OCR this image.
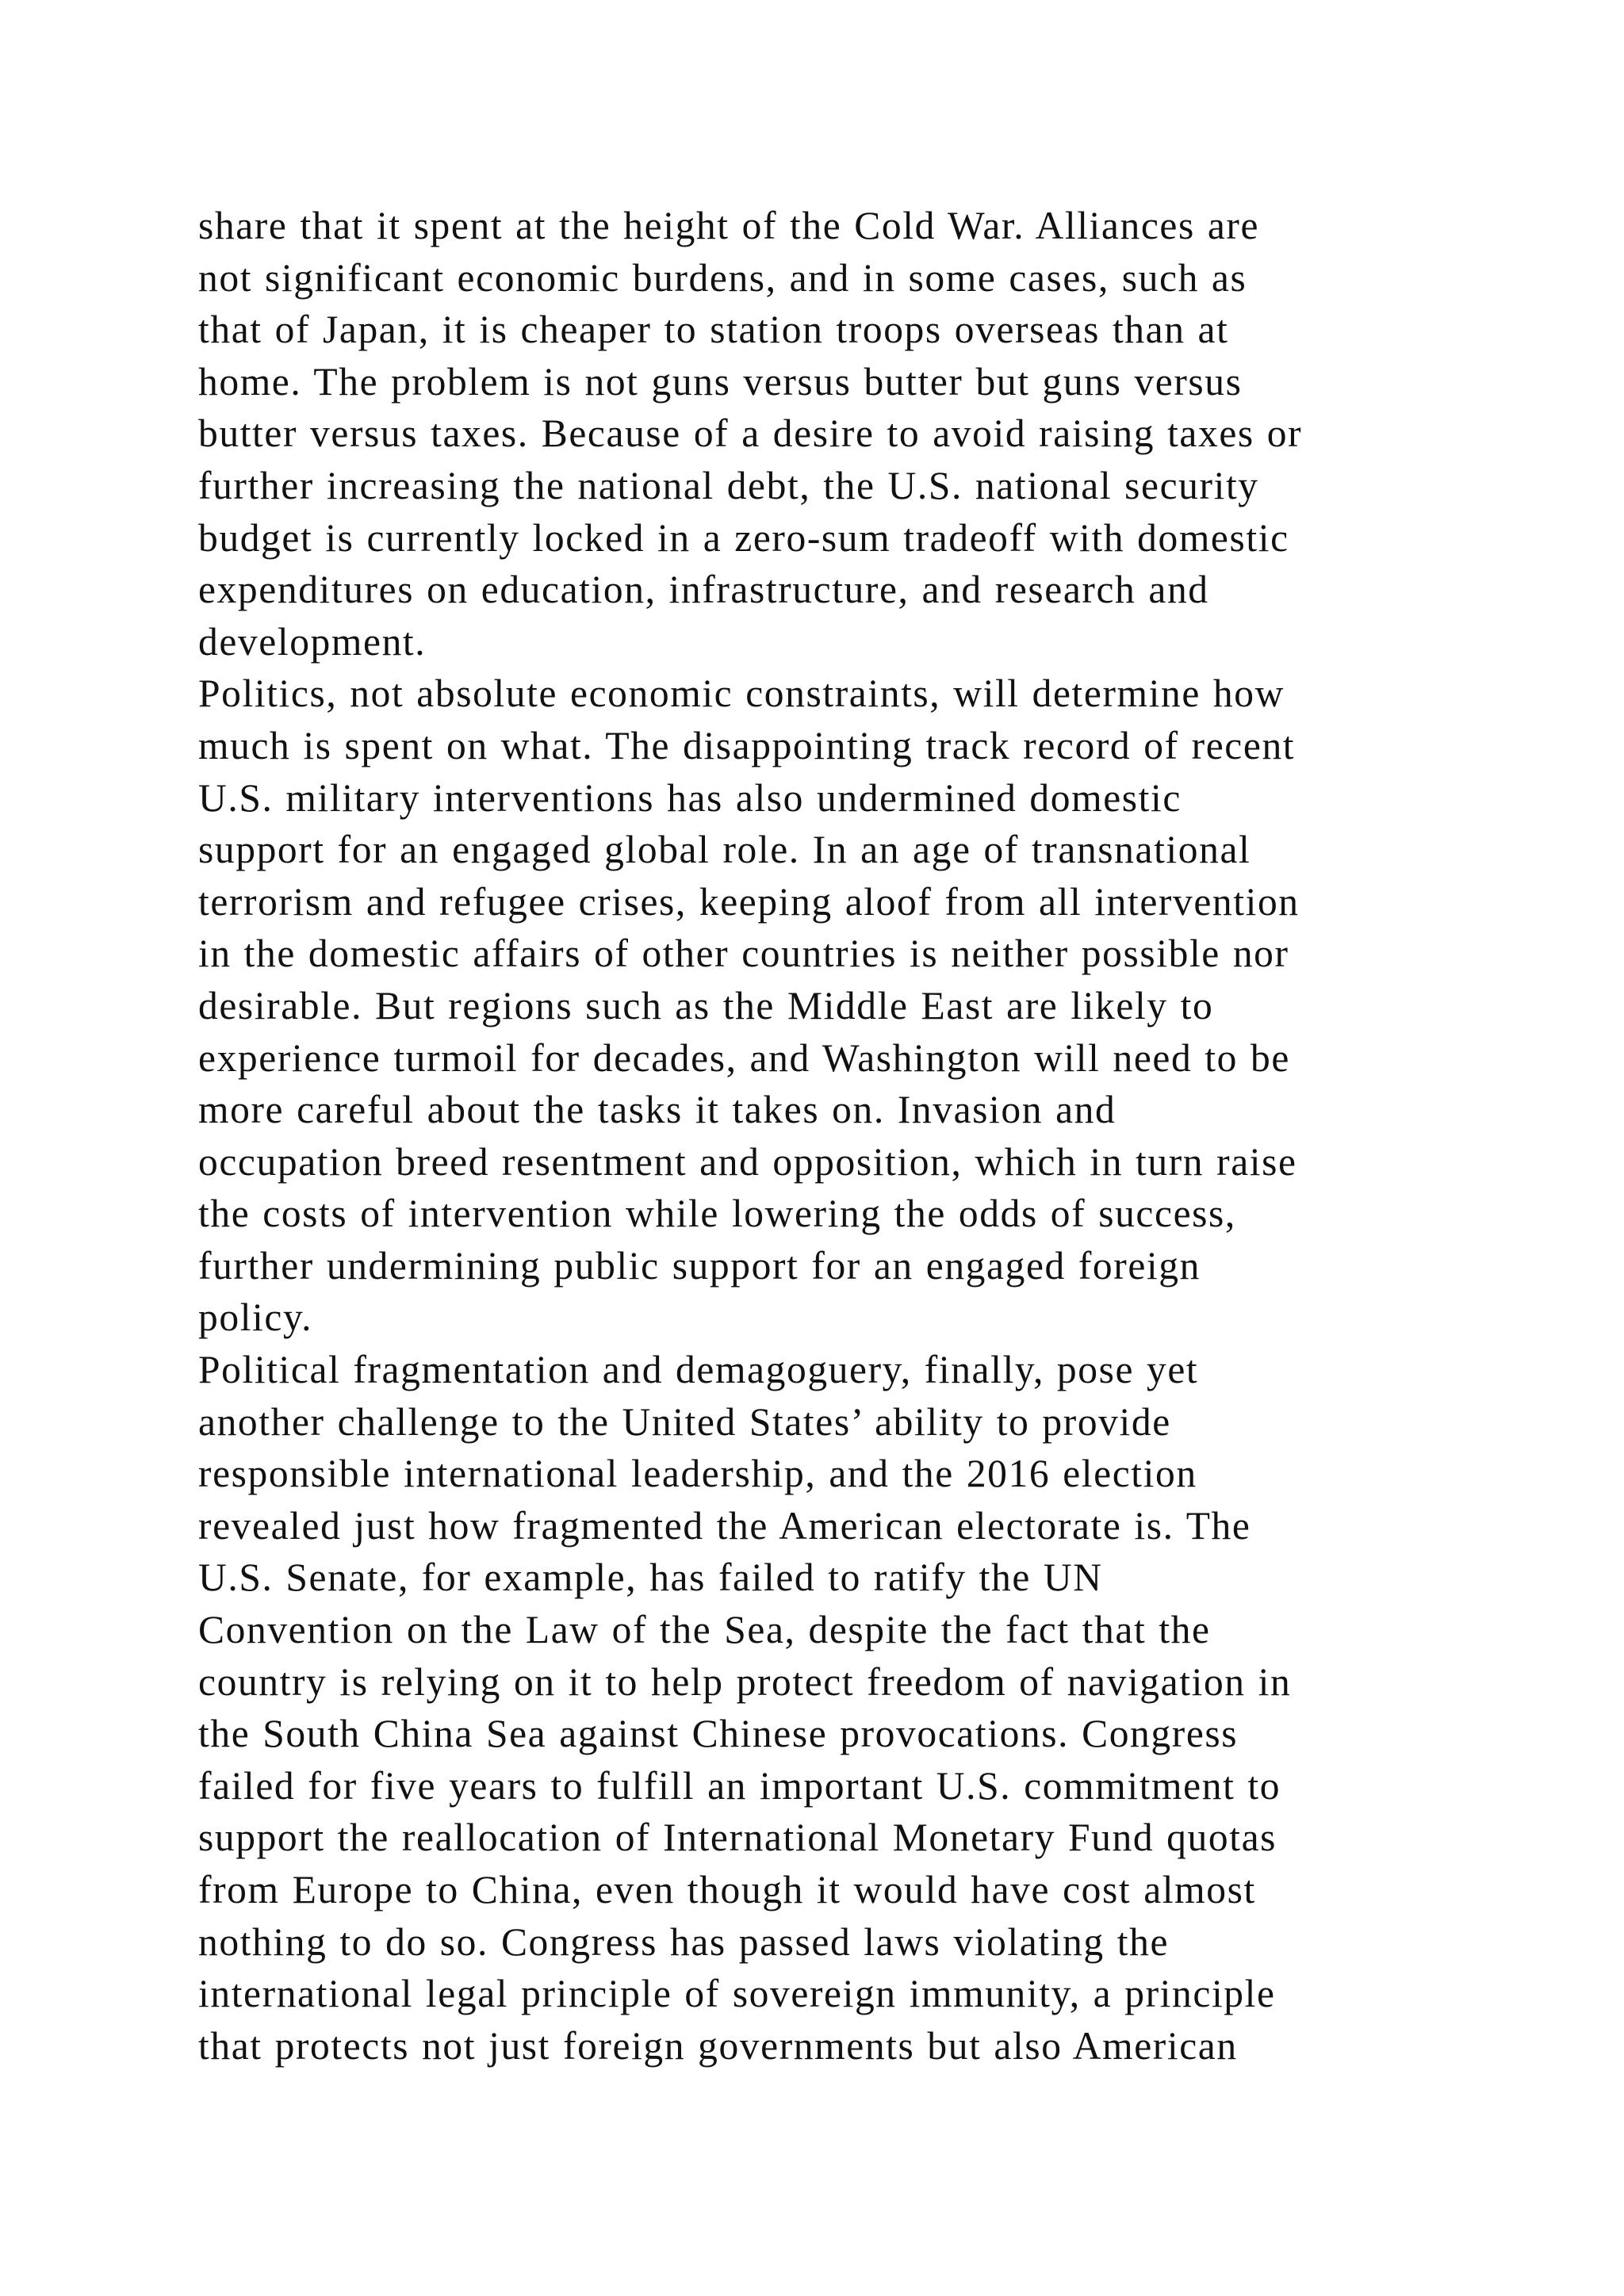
share that it spent at the height of the Cold War. Alliances are
not significant economic burdens, and in some cases, such as
that of Japan, it is cheaper to station troops overseas than at
home. The problem is not guns versus butter but guns versus
butter versus taxes. Because of a desire to avoid raising taxes or
further increasing the national debt, the U.S. national security
budget is currently locked in a zero-sum tradeoff with domestic
expenditures on education, infrastructure, and research and
development.
Politics, not absolute economic constraints, will determine how
much is spent on what. The disappointing track record of recent
U.S. military interventions has also undermined domestic
support for an engaged global role. In an age of transnational
terrorism and refugee crises, keeping aloof from all intervention
in the domestic affairs of other countries is neither possible nor
desirable. But regions such as the Middle East are likely to
experience turmoil for decades, and Washington will need to be
more careful about the tasks it takes on. Invasion and
occupation breed resentment and opposition, which in turn raise
the costs of intervention while lowering the odds of success,
further undermining public support for an engaged foreign
policy.
Political fragmentation and demagoguery, finally, pose yet
another challenge to the United States’ ability to provide
responsible international leadership, and the 2016 election
revealed just how fragmented the American electorate is. The
U.S. Senate, for example, has failed to ratify the UN
Convention on the Law of the Sea, despite the fact that the
country is relying on it to help protect freedom of navigation in
the South China Sea against Chinese provocations. Congress
failed for five years to fulfill an important U.S. commitment to
support the reallocation of International Monetary Fund quotas
from Europe to China, even though it would have cost almost
nothing to do so. Congress has passed laws violating the
international legal principle of sovereign immunity, a principle
that protects not just foreign governments but also American
